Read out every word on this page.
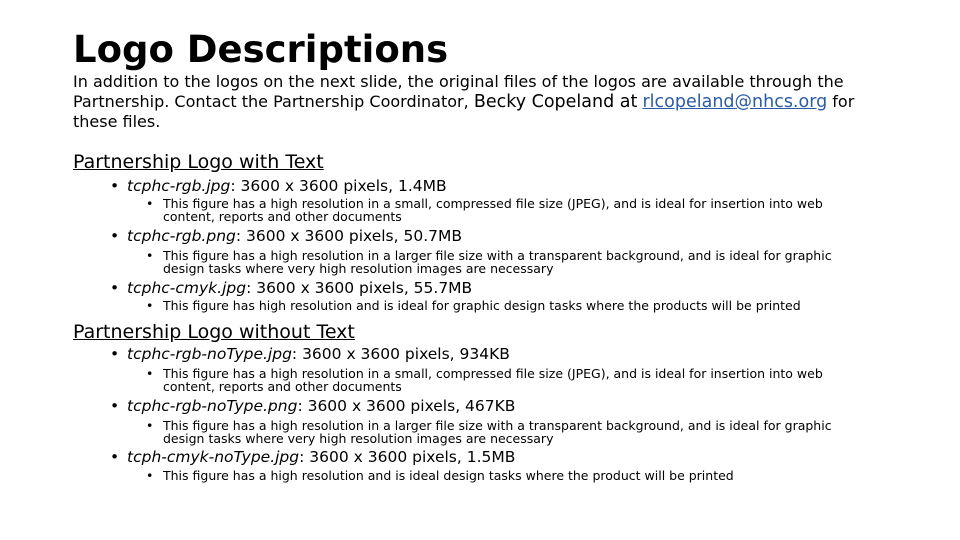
Logo Descriptions
In addition to the logos on the next slide, the original files of the logos are available through the Partnership. Contact the Partnership Coordinator, Becky Copeland at rlcopeland@nhcs.org for these files.
Partnership Logo with Text
• tcphc-rgb.jpg: 3600 x 3600 pixels, 1.4MB
• This figure has a high resolution in a small, compressed file size (JPEG), and is ideal for insertion into web content, reports and other documents
• tcphc-rgb.png: 3600 x 3600 pixels, 50.7MB
• This figure has a high resolution in a larger file size with a transparent background, and is ideal for graphic design tasks where very high resolution images are necessary
• tcphc-cmyk.jpg: 3600 x 3600 pixels, 55.7MB
• This figure has high resolution and is ideal for graphic design tasks where the products will be printed
Partnership Logo without Text
• tcphc-rgb-noType.jpg: 3600 x 3600 pixels, 934KB
• This figure has a high resolution in a small, compressed file size (JPEG), and is ideal for insertion into web content, reports and other documents
• tcphc-rgb-noType.png: 3600 x 3600 pixels, 467KB
• This figure has a high resolution in a larger file size with a transparent background, and is ideal for graphic design tasks where very high resolution images are necessary
• tcph-cmyk-noType.jpg: 3600 x 3600 pixels, 1.5MB
• This figure has a high resolution and is ideal design tasks where the product will be printed
